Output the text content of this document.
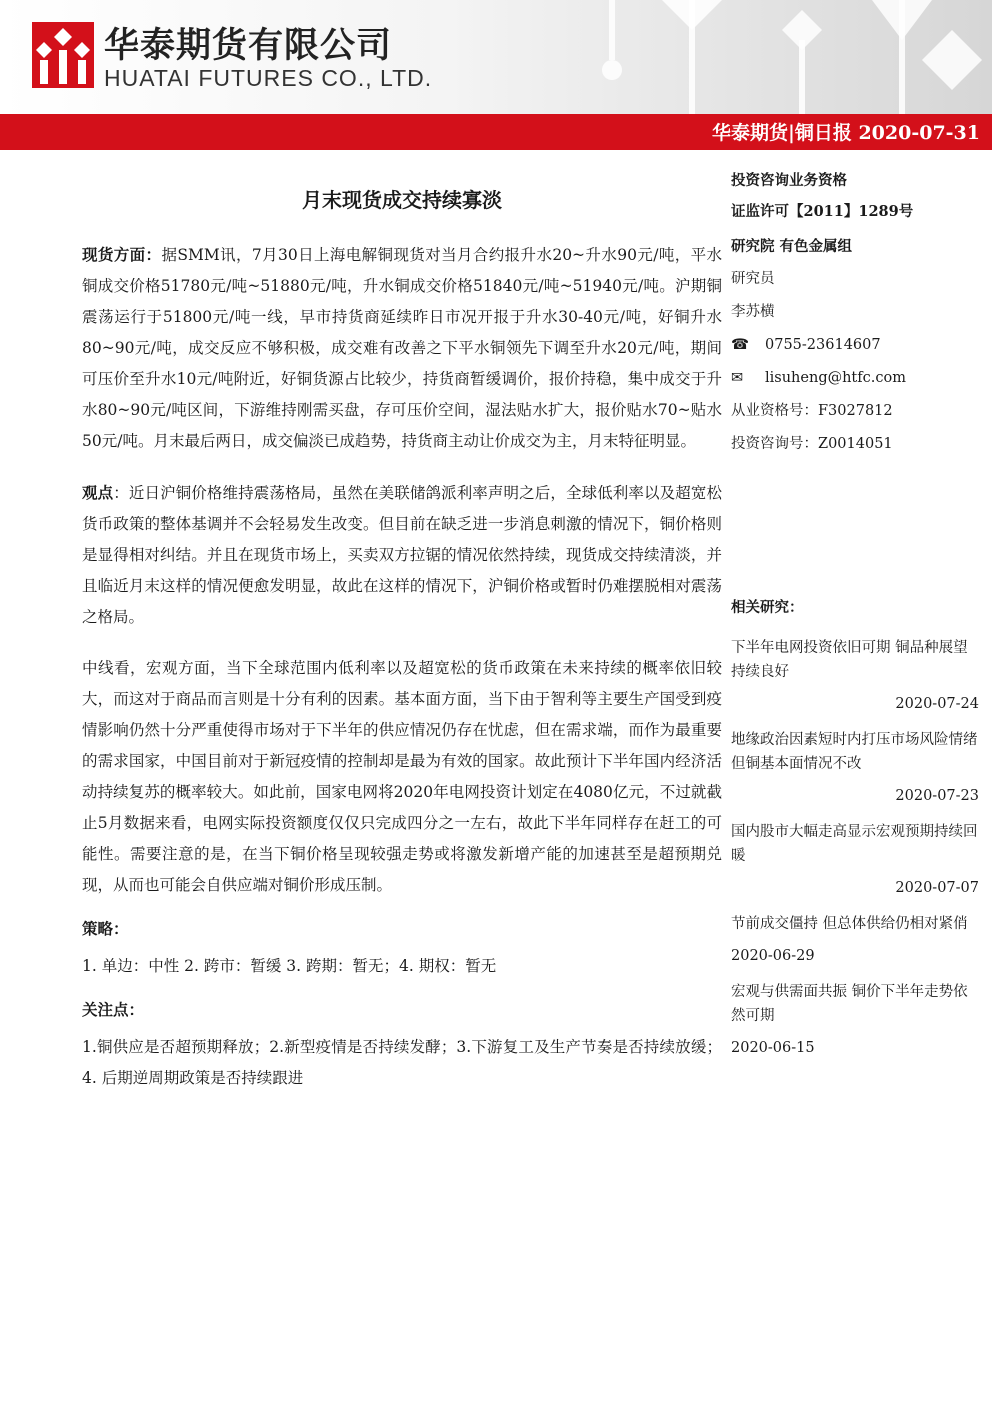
华泰期货有限公司
HUATAI FUTURES CO., LTD.
华泰期货|铜日报 2020-07-31
月末现货成交持续寡淡

现货方面：据SMM讯，7月30日上海电解铜现货对当月合约报升水20~升水90元/吨，平水铜成交价格51780元/吨~51880元/吨，升水铜成交价格51840元/吨~51940元/吨。沪期铜震荡运行于51800元/吨一线，早市持货商延续昨日市况开报于升水30-40元/吨，好铜升水80~90元/吨，成交反应不够积极，成交难有改善之下平水铜领先下调至升水20元/吨，期间可压价至升水10元/吨附近，好铜货源占比较少，持货商暂缓调价，报价持稳，集中成交于升水80~90元/吨区间，下游维持刚需买盘，存可压价空间，湿法贴水扩大，报价贴水70~贴水50元/吨。月末最后两日，成交偏淡已成趋势，持货商主动让价成交为主，月末特征明显。

观点：近日沪铜价格维持震荡格局，虽然在美联储鸽派利率声明之后，全球低利率以及超宽松货币政策的整体基调并不会轻易发生改变。但目前在缺乏进一步消息刺激的情况下，铜价格则是显得相对纠结。并且在现货市场上，买卖双方拉锯的情况依然持续，现货成交持续清淡，并且临近月末这样的情况便愈发明显，故此在这样的情况下，沪铜价格或暂时仍难摆脱相对震荡之格局。

中线看，宏观方面，当下全球范围内低利率以及超宽松的货币政策在未来持续的概率依旧较大，而这对于商品而言则是十分有利的因素。基本面方面，当下由于智利等主要生产国受到疫情影响仍然十分严重使得市场对于下半年的供应情况仍存在忧虑，但在需求端，而作为最重要的需求国家，中国目前对于新冠疫情的控制却是最为有效的国家。故此预计下半年国内经济活动持续复苏的概率较大。如此前，国家电网将2020年电网投资计划定在4080亿元，不过就截止5月数据来看，电网实际投资额度仅仅只完成四分之一左右，故此下半年同样存在赶工的可能性。需要注意的是，在当下铜价格呈现较强走势或将激发新增产能的加速甚至是超预期兑现，从而也可能会自供应端对铜价形成压制。

策略：

1. 单边：中性 2. 跨市：暂缓 3. 跨期：暂无；4. 期权：暂无

关注点：

1.铜供应是否超预期释放；2.新型疫情是否持续发酵；3.下游复工及生产节奏是否持续放缓；4. 后期逆周期政策是否持续跟进

投资咨询业务资格
证监许可【2011】1289号
研究院 有色金属组
研究员
李苏横
☎	0755-23614607
✉	lisuheng@htfc.com
从业资格号：F3027812
投资咨询号：Z0014051
相关研究：
下半年电网投资依旧可期 铜品种展望持续良好
2020-07-24
地缘政治因素短时内打压市场风险情绪 但铜基本面情况不改
2020-07-23
国内股市大幅走高显示宏观预期持续回暖
2020-07-07
节前成交僵持 但总体供给仍相对紧俏
2020-06-29
宏观与供需面共振 铜价下半年走势依然可期
2020-06-15
